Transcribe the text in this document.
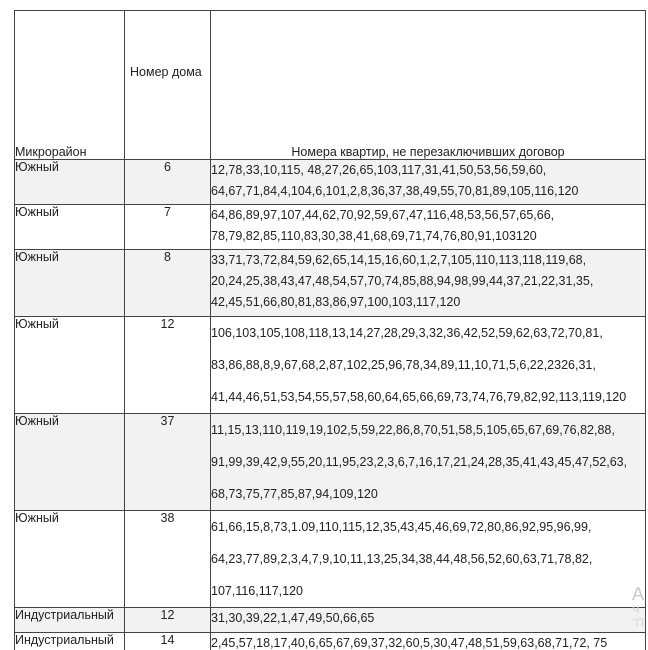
Микрорайон	Номер дома	Номера квартир, не перезаключивших договор
Южный	6	12,78,33,10,115, 48,27,26,65,103,117,31,41,50,53,56,59,60,
64,67,71,84,4,104,6,101,2,8,36,37,38,49,55,70,81,89,105,116,120

Южный	7	64,86,89,97,107,44,62,70,92,59,67,47,116,48,53,56,57,65,66,
78,79,82,85,110,83,30,38,41,68,69,71,74,76,80,91,103120

Южный	8	33,71,73,72,84,59,62,65,14,15,16,60,1,2,7,105,110,113,118,119,68,
20,24,25,38,43,47,48,54,57,70,74,85,88,94,98,99,44,37,21,22,31,35,
42,45,51,66,80,81,83,86,97,100,103,117,120

Южный	12	106,103,105,108,118,13,14,27,28,29,3,32,36,42,52,59,62,63,72,70,81,
83,86,88,8,9,67,68,2,87,102,25,96,78,34,89,11,10,71,5,6,22,2326,31,
41,44,46,51,53,54,55,57,58,60,64,65,66,69,73,74,76,79,82,92,113,119,120

Южный	37	11,15,13,110,119,19,102,5,59,22,86,8,70,51,58,5,105,65,67,69,76,82,88,
91,99,39,42,9,55,20,11,95,23,2,3,6,7,16,17,21,24,28,35,41,43,45,47,52,63,
68,73,75,77,85,87,94,109,120

Южный	38	61,66,15,8,73,1.09,110,115,12,35,43,45,46,69,72,80,86,92,95,96,99,
64,23,77,89,2,3,4,7,9,10,11,13,25,34,38,44,48,56,52,60,63,71,78,82,
107,116,117,120

Индустриальный	12	31,30,39,22,1,47,49,50,66,65

Индустриальный	14	2,45,57,18,17,40,6,65,67,69,37,32,60,5,30,47,48,51,59,63,68,71,72, 75

А
Ч
"П
